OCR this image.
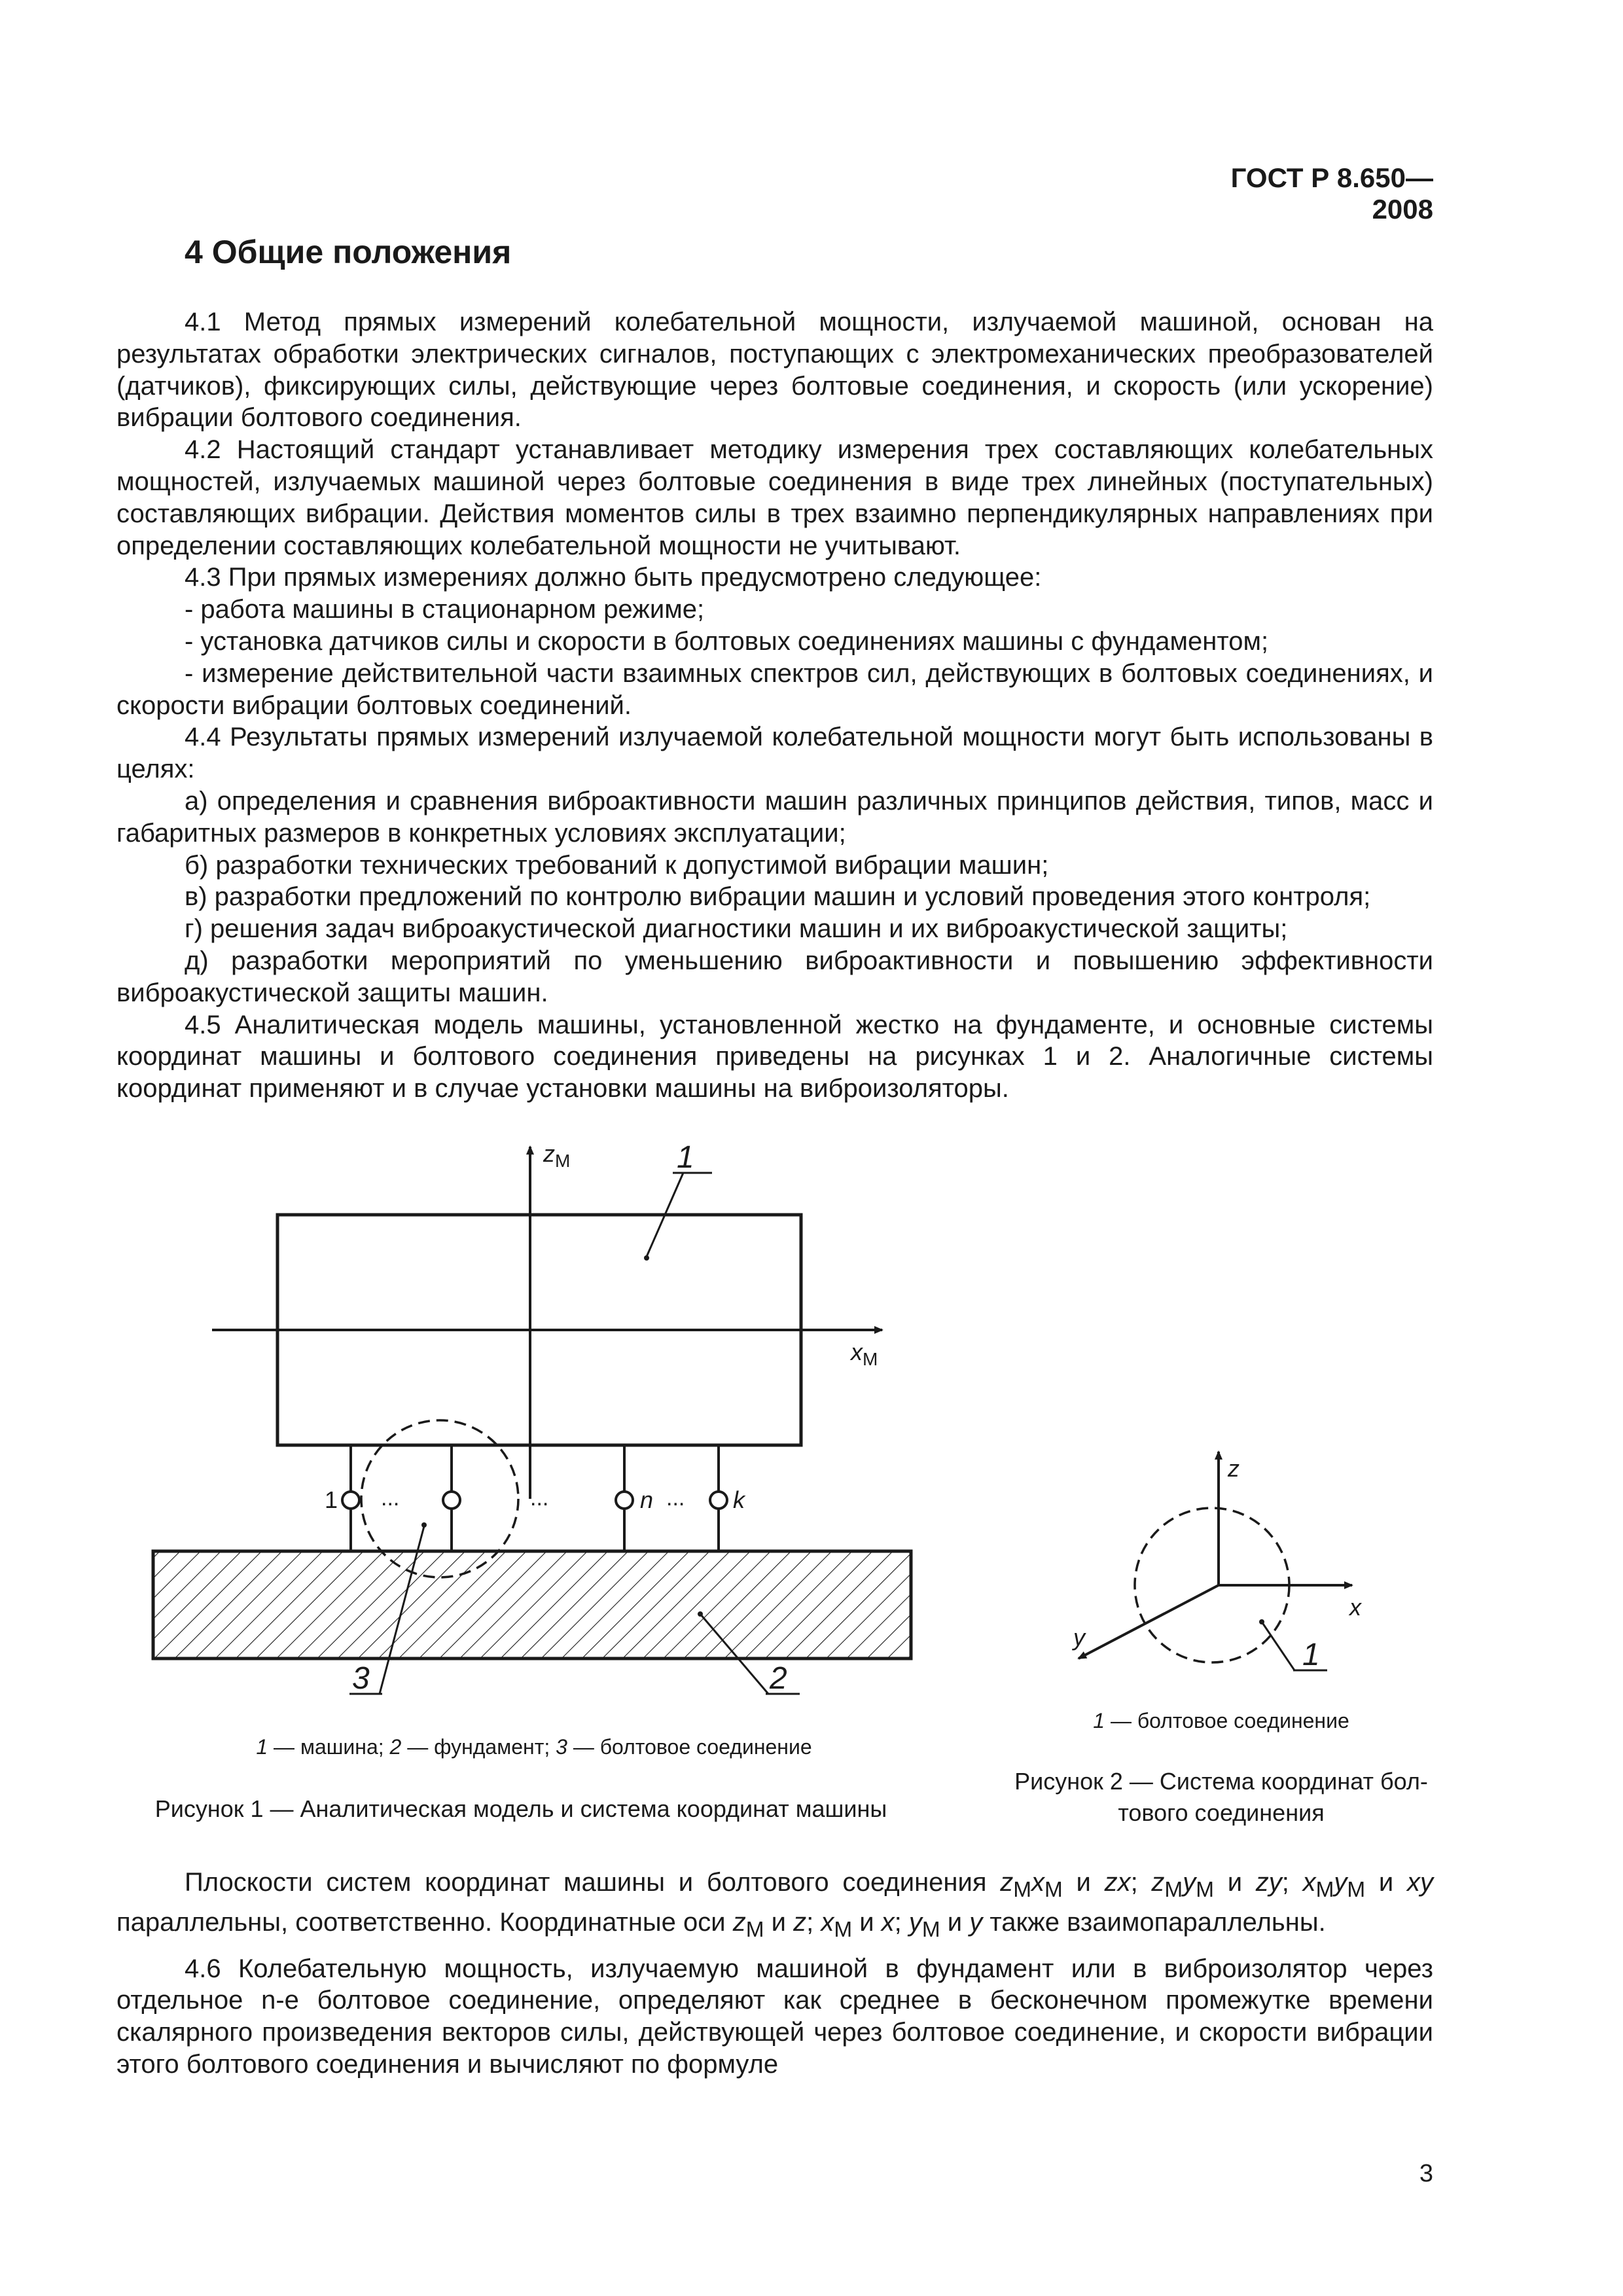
ГОСТ Р 8.650—2008
4 Общие положения

4.1 Метод прямых измерений колебательной мощности, излучаемой машиной, основан на результатах обработки электрических сигналов, поступающих с электромеханических преобразователей (датчиков), фиксирующих силы, действующие через болтовые соединения, и скорость (или ускорение) вибрации болтового соединения.

4.2 Настоящий стандарт устанавливает методику измерения трех составляющих колебательных мощностей, излучаемых машиной через болтовые соединения в виде трех линейных (поступательных) составляющих вибрации. Действия моментов силы в трех взаимно перпендикулярных направлениях при определении составляющих колебательной мощности не учитывают.

4.3 При прямых измерениях должно быть предусмотрено следующее:

- работа машины в стационарном режиме;

- установка датчиков силы и скорости в болтовых соединениях машины с фундаментом;

- измерение действительной части взаимных спектров сил, действующих в болтовых соединениях, и скорости вибрации болтовых соединений.

4.4 Результаты прямых измерений излучаемой колебательной мощности могут быть использованы в целях:

а) определения и сравнения виброактивности машин различных принципов действия, типов, масс и габаритных размеров в конкретных условиях эксплуатации;

б) разработки технических требований к допустимой вибрации машин;

в) разработки предложений по контролю вибрации машин и условий проведения этого контроля;

г) решения задач виброакустической диагностики машин и их виброакустической защиты;

д) разработки мероприятий по уменьшению виброактивности и повышению эффективности виброакустической защиты машин.

4.5 Аналитическая модель машины, установленной жестко на фундаменте, и основные системы координат машины и болтового соединения приведены на рисунках 1 и 2. Аналогичные системы координат применяют и в случае установки машины на виброизоляторы.

$z_М$
$x_М$
1
1 ...	...	n ... k
3	2
1 — машина; 2 — фундамент; 3 — болтовое соединение
Рисунок 1 — Аналитическая модель и система координат машины
z
x
y
1
1 — болтовое соединение
Рисунок 2 — Система координат бол-
тового соединения

Плоскости систем координат машины и болтового соединения $z_Мx_М$ и zx; $z_Мy_М$ и zy; $x_Мy_М$ и xy параллельны, соответственно. Координатные оси $z_М$ и z; $x_М$ и x; $y_М$ и y также взаимопараллельны.

4.6 Колебательную мощность, излучаемую машиной в фундамент или в виброизолятор через отдельное n-е болтовое соединение, определяют как среднее в бесконечном промежутке времени скалярного произведения векторов силы, действующей через болтовое соединение, и скорости вибрации этого болтового соединения и вычисляют по формуле

3
